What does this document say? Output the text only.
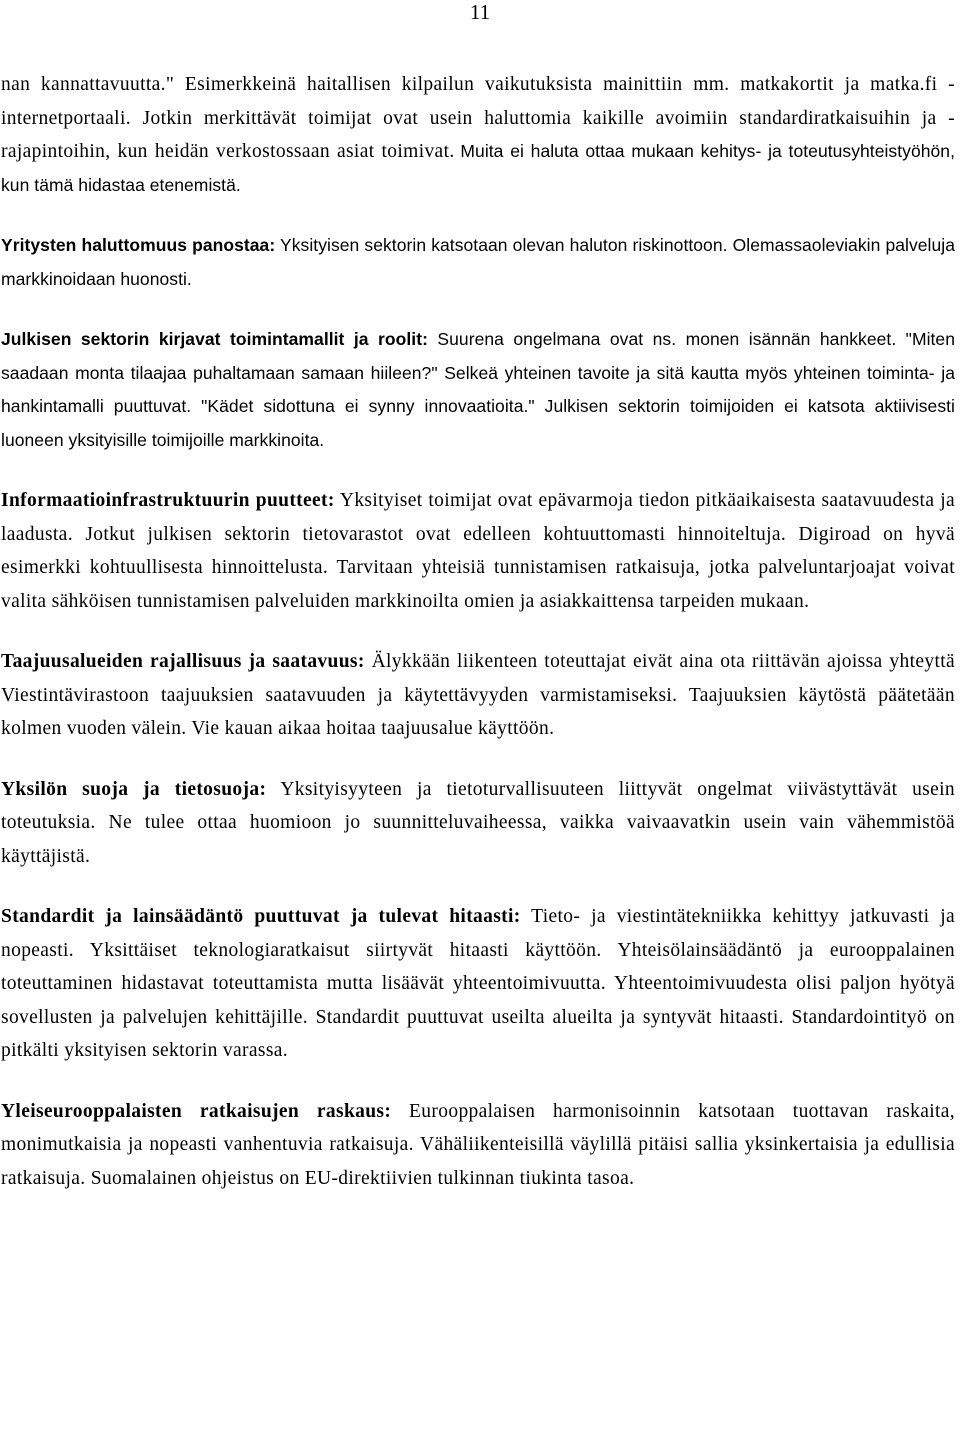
11

nan kannattavuutta." Esimerkkeinä haitallisen kilpailun vaikutuksista mainittiin mm. matkakortit ja matka.fi -internetportaali. Jotkin merkittävät toimijat ovat usein haluttomia kaikille avoimiin standardiratkaisuihin ja -rajapintoihin, kun heidän verkostossaan asiat toimivat. Muita ei haluta ottaa mukaan kehitys- ja toteutusyhteistyöhön, kun tämä hidastaa etenemistä.

Yritysten haluttomuus panostaa: Yksityisen sektorin katsotaan olevan haluton riskinottoon. Olemassaoleviakin palveluja markkinoidaan huonosti.

Julkisen sektorin kirjavat toimintamallit ja roolit: Suurena ongelmana ovat ns. monen isännän hankkeet. "Miten saadaan monta tilaajaa puhaltamaan samaan hiileen?" Selkeä yhteinen tavoite ja sitä kautta myös yhteinen toiminta- ja hankintamalli puuttuvat. "Kädet sidottuna ei synny innovaatioita." Julkisen sektorin toimijoiden ei katsota aktiivisesti luoneen yksityisille toimijoille markkinoita.

Informaatioinfrastruktuurin puutteet: Yksityiset toimijat ovat epävarmoja tiedon pitkäaikaisesta saatavuudesta ja laadusta. Jotkut julkisen sektorin tietovarastot ovat edelleen kohtuuttomasti hinnoiteltuja. Digiroad on hyvä esimerkki kohtuullisesta hinnoittelusta. Tarvitaan yhteisiä tunnistamisen ratkaisuja, jotka palveluntarjoajat voivat valita sähköisen tunnistamisen palveluiden markkinoilta omien ja asiakkaittensa tarpeiden mukaan.

Taajuusalueiden rajallisuus ja saatavuus: Älykkään liikenteen toteuttajat eivät aina ota riittävän ajoissa yhteyttä Viestintävirastoon taajuuksien saatavuuden ja käytettävyyden varmistamiseksi. Taajuuksien käytöstä päätetään kolmen vuoden välein. Vie kauan aikaa hoitaa taajuusalue käyttöön.

Yksilön suoja ja tietosuoja: Yksityisyyteen ja tietoturvallisuuteen liittyvät ongelmat viivästyttävät usein toteutuksia. Ne tulee ottaa huomioon jo suunnitteluvaiheessa, vaikka vaivaavatkin usein vain vähemmistöä käyttäjistä.

Standardit ja lainsäädäntö puuttuvat ja tulevat hitaasti: Tieto- ja viestintätekniikka kehittyy jatkuvasti ja nopeasti. Yksittäiset teknologiaratkaisut siirtyvät hitaasti käyttöön. Yhteisölainsäädäntö ja eurooppalainen toteuttaminen hidastavat toteuttamista mutta lisäävät yhteentoimivuutta. Yhteentoimivuudesta olisi paljon hyötyä sovellusten ja palvelujen kehittäjille. Standardit puuttuvat useilta alueilta ja syntyvät hitaasti. Standardointityö on pitkälti yksityisen sektorin varassa.

Yleiseurooppalaisten ratkaisujen raskaus: Eurooppalaisen harmonisoinnin katsotaan tuottavan raskaita, monimutkaisia ja nopeasti vanhentuvia ratkaisuja. Vähäliikenteisillä väylillä pitäisi sallia yksinkertaisia ja edullisia ratkaisuja. Suomalainen ohjeistus on EU-direktiivien tulkinnan tiukinta tasoa.
